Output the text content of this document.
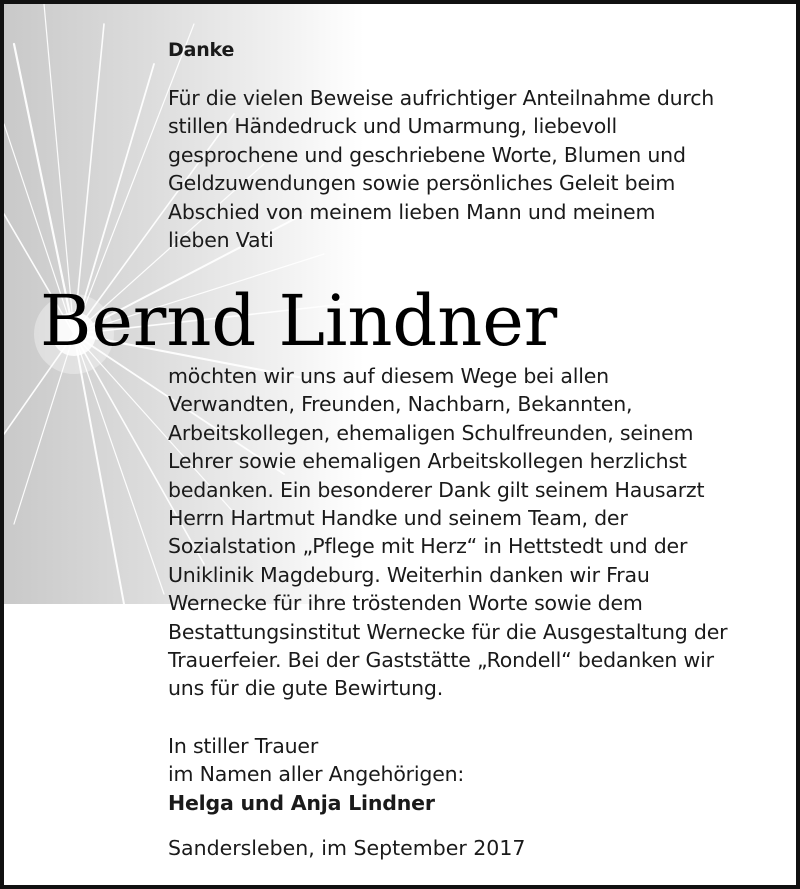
Danke

Für die vielen Beweise aufrichtiger Anteilnahme durch

stillen Händedruck und Umarmung, liebevoll

gesprochene und geschriebene Worte, Blumen und

Geldzuwendungen sowie persönliches Geleit beim

Abschied von meinem lieben Mann und meinem

lieben Vati

Bernd Lindner

möchten wir uns auf diesem Wege bei allen

Verwandten, Freunden, Nachbarn, Bekannten,

Arbeitskollegen, ehemaligen Schulfreunden, seinem

Lehrer sowie ehemaligen Arbeitskollegen herzlichst

bedanken. Ein besonderer Dank gilt seinem Hausarzt

Herrn Hartmut Handke und seinem Team, der

Sozialstation „Pflege mit Herz“ in Hettstedt und der

Uniklinik Magdeburg. Weiterhin danken wir Frau

Wernecke für ihre tröstenden Worte sowie dem

Bestattungsinstitut Wernecke für die Ausgestaltung der

Trauerfeier. Bei der Gaststätte „Rondell“ bedanken wir

uns für die gute Bewirtung.

In stiller Trauer

im Namen aller Angehörigen:

Helga und Anja Lindner

Sandersleben, im September 2017
